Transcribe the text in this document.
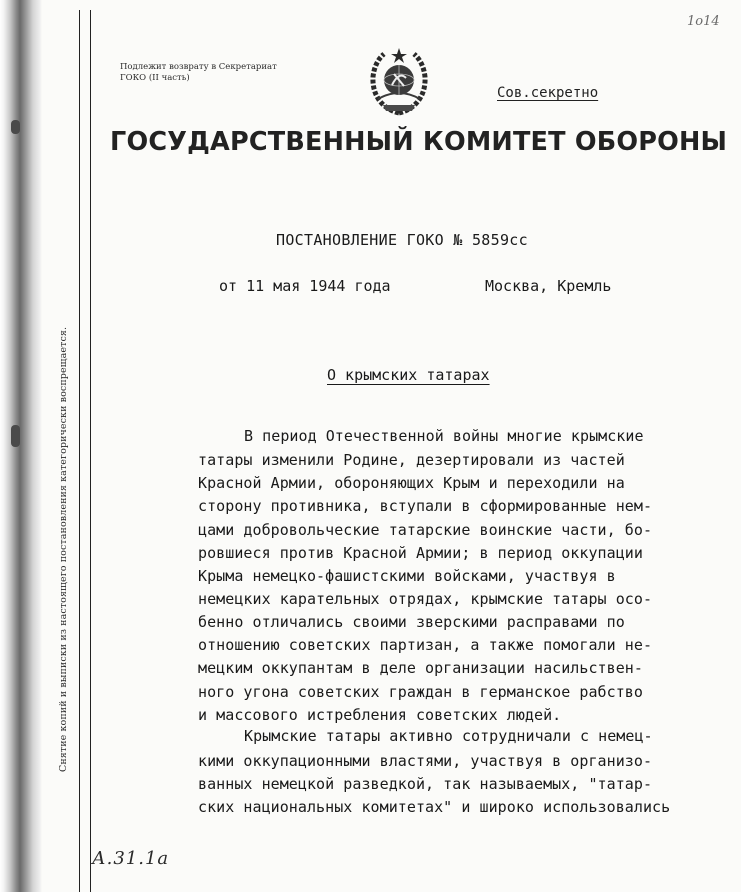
Снятие копий и выписки из настоящего постановления категорически воспрещается.
1о14
Подлежит возврату в Секретариат
ГОКО (II часть)
Сов.секретно
ГОСУДАРСТВЕННЫЙ КОМИТЕТ ОБОРОНЫ
ПОСТАНОВЛЕНИЕ ГОКО № 5859сс
от 11 мая 1944 года	Москва, Кремль
О крымских татарах
В период Отечественной войны многие крымские
татары изменили Родине, дезертировали из частей
Красной Армии, обороняющих Крым и переходили на
сторону противника, вступали в сформированные нем-
цами добровольческие татарские воинские части, бо-
ровшиеся против Красной Армии; в период оккупации
Крыма немецко-фашистскими войсками, участвуя в
немецких карательных отрядах, крымские татары осо-
бенно отличались своими зверскими расправами по
отношению советских партизан, а также помогали не-
мецким оккупантам в деле организации насильствен-
ного угона советских граждан в германское рабство
и массового истребления советских людей.
Крымские татары активно сотрудничали с немец-
кими оккупационными властями, участвуя в организо-
ванных немецкой разведкой, так называемых, "татар-
ских национальных комитетах" и широко использовались
А.31.1а
